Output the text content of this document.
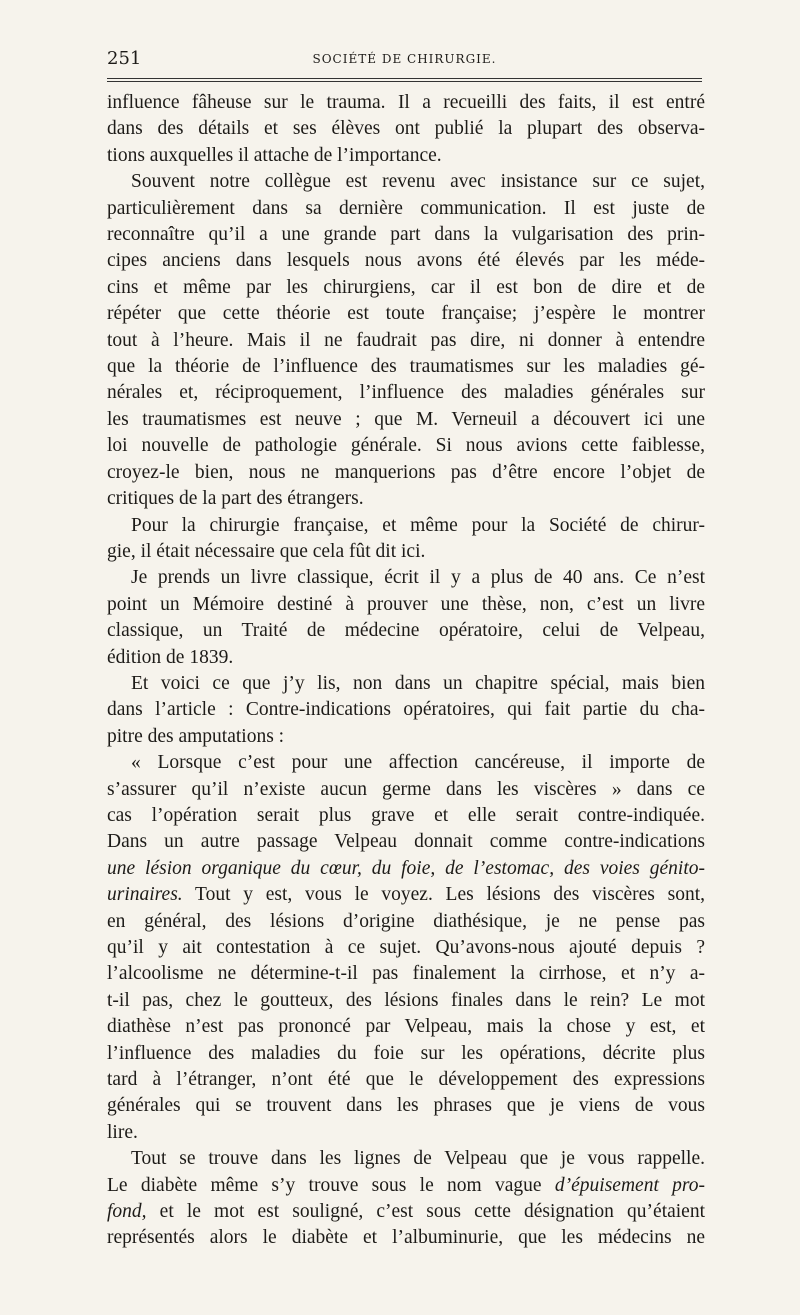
251	SOCIÉTÉ DE CHIRURGIE.
influence fâheuse sur le trauma. Il a recueilli des faits, il est entré
dans des détails et ses élèves ont publié la plupart des observa-
tions auxquelles il attache de l’importance.
Souvent notre collègue est revenu avec insistance sur ce sujet,
particulièrement dans sa dernière communication. Il est juste de
reconnaître qu’il a une grande part dans la vulgarisation des prin-
cipes anciens dans lesquels nous avons été élevés par les méde-
cins et même par les chirurgiens, car il est bon de dire et de
répéter que cette théorie est toute française; j’espère le montrer
tout à l’heure. Mais il ne faudrait pas dire, ni donner à entendre
que la théorie de l’influence des traumatismes sur les maladies gé-
nérales et, réciproquement, l’influence des maladies générales sur
les traumatismes est neuve ; que M. Verneuil a découvert ici une
loi nouvelle de pathologie générale. Si nous avions cette faiblesse,
croyez-le bien, nous ne manquerions pas d’être encore l’objet de
critiques de la part des étrangers.
Pour la chirurgie française, et même pour la Société de chirur-
gie, il était nécessaire que cela fût dit ici.
Je prends un livre classique, écrit il y a plus de 40 ans. Ce n’est
point un Mémoire destiné à prouver une thèse, non, c’est un livre
classique, un Traité de médecine opératoire, celui de Velpeau,
édition de 1839.
Et voici ce que j’y lis, non dans un chapitre spécial, mais bien
dans l’article : Contre-indications opératoires, qui fait partie du cha-
pitre des amputations :
« Lorsque c’est pour une affection cancéreuse, il importe de
s’assurer qu’il n’existe aucun germe dans les viscères » dans ce
cas l’opération serait plus grave et elle serait contre-indiquée.
Dans un autre passage Velpeau donnait comme contre-indications
une lésion organique du cœur, du foie, de l’estomac, des voies génito-
urinaires. Tout y est, vous le voyez. Les lésions des viscères sont,
en général, des lésions d’origine diathésique, je ne pense pas
qu’il y ait contestation à ce sujet. Qu’avons-nous ajouté depuis ?
l’alcoolisme ne détermine-t-il pas finalement la cirrhose, et n’y a-
t-il pas, chez le goutteux, des lésions finales dans le rein? Le mot
diathèse n’est pas prononcé par Velpeau, mais la chose y est, et
l’influence des maladies du foie sur les opérations, décrite plus
tard à l’étranger, n’ont été que le développement des expressions
générales qui se trouvent dans les phrases que je viens de vous
lire.
Tout se trouve dans les lignes de Velpeau que je vous rappelle.
Le diabète même s’y trouve sous le nom vague d’épuisement pro-
fond, et le mot est souligné, c’est sous cette désignation qu’étaient
représentés alors le diabète et l’albuminurie, que les médecins ne
